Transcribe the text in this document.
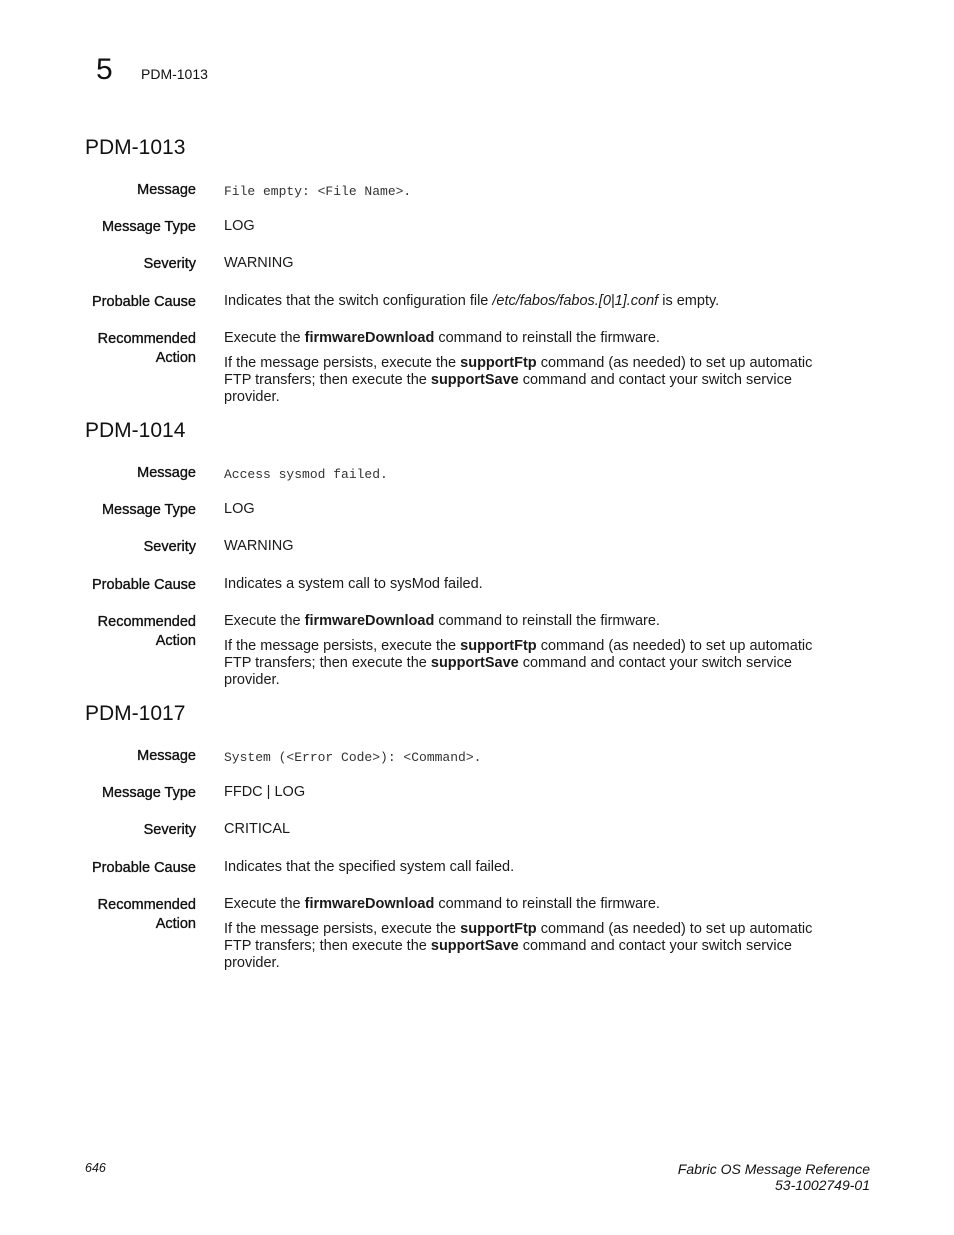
5 PDM-1013
PDM-1013
Message File empty: <File Name>.
Message Type LOG
Severity WARNING
Probable Cause Indicates that the switch configuration file /etc/fabos/fabos.[0|1].conf is empty.
Recommended
Action

Execute the firmwareDownload command to reinstall the firmware.

If the message persists, execute the supportFtp command (as needed) to set up automatic FTP transfers; then execute the supportSave command and contact your switch service provider.

PDM-1014
Message Access sysmod failed.
Message Type LOG
Severity WARNING
Probable Cause Indicates a system call to sysMod failed.
Recommended
Action

Execute the firmwareDownload command to reinstall the firmware.

If the message persists, execute the supportFtp command (as needed) to set up automatic FTP transfers; then execute the supportSave command and contact your switch service provider.

PDM-1017
Message System (<Error Code>): <Command>.
Message Type FFDC | LOG
Severity CRITICAL
Probable Cause Indicates that the specified system call failed.
Recommended
Action

Execute the firmwareDownload command to reinstall the firmware.

If the message persists, execute the supportFtp command (as needed) to set up automatic FTP transfers; then execute the supportSave command and contact your switch service provider.

646	Fabric OS Message Reference
53-1002749-01
